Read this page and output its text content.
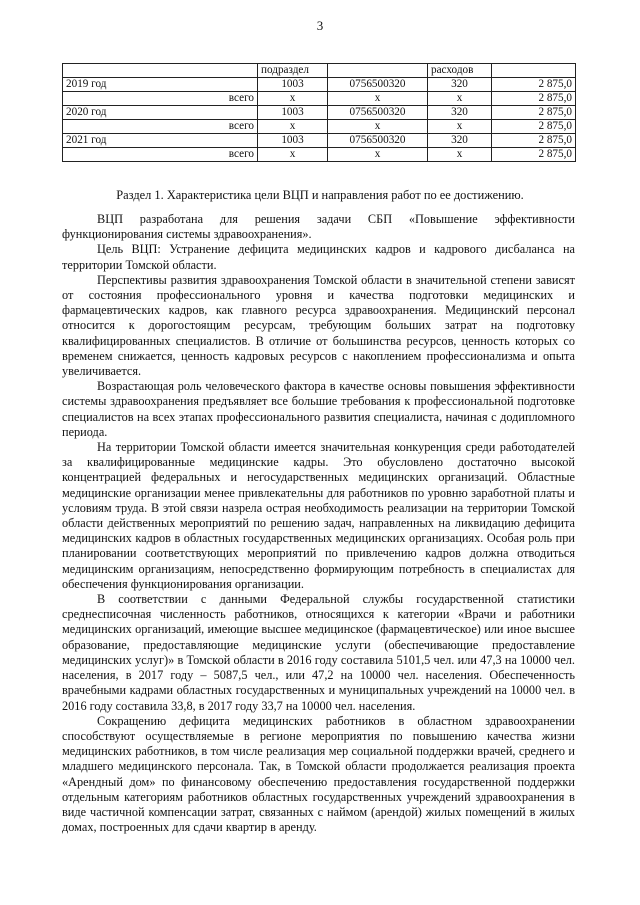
3
	подраздел		расходов	
2019 год	1003	0756500320	320	2 875,0
всего	х	х	х	2 875,0
2020 год	1003	0756500320	320	2 875,0
всего	х	х	х	2 875,0
2021 год	1003	0756500320	320	2 875,0
всего	х	х	х	2 875,0
Раздел 1. Характеристика цели ВЦП и направления работ по ее достижению.

ВЦП разработана для решения задачи СБП «Повышение эффективности функционирования системы здравоохранения».

Цель ВЦП: Устранение дефицита медицинских кадров и кадрового дисбаланса на территории Томской области.

Перспективы развития здравоохранения Томской области в значительной степени зависят от состояния профессионального уровня и качества подготовки медицинских и фармацевтических кадров, как главного ресурса здравоохранения. Медицинский персонал относится к дорогостоящим ресурсам, требующим больших затрат на подготовку квалифицированных специалистов. В отличие от большинства ресурсов, ценность которых со временем снижается, ценность кадровых ресурсов с накоплением профессионализма и опыта увеличивается.

Возрастающая роль человеческого фактора в качестве основы повышения эффективности системы здравоохранения предъявляет все большие требования к профессиональной подготовке специалистов на всех этапах профессионального развития специалиста, начиная с додипломного периода.

На территории Томской области имеется значительная конкуренция среди работодателей за квалифицированные медицинские кадры. Это обусловлено достаточно высокой концентрацией федеральных и негосударственных медицинских организаций. Областные медицинские организации менее привлекательны для работников по уровню заработной платы и условиям труда. В этой связи назрела острая необходимость реализации на территории Томской области действенных мероприятий по решению задач, направленных на ликвидацию дефицита медицинских кадров в областных государственных медицинских организациях. Особая роль при планировании соответствующих мероприятий по привлечению кадров должна отводиться медицинским организациям, непосредственно формирующим потребность в специалистах для обеспечения функционирования организации.

В соответствии с данными Федеральной службы государственной статистики среднесписочная численность работников, относящихся к категории «Врачи и работники медицинских организаций, имеющие высшее медицинское (фармацевтическое) или иное высшее образование, предоставляющие медицинские услуги (обеспечивающие предоставление медицинских услуг)» в Томской области в 2016 году составила 5101,5 чел. или 47,3 на 10000 чел. населения, в 2017 году – 5087,5 чел., или 47,2 на 10000 чел. населения. Обеспеченность врачебными кадрами областных государственных и муниципальных учреждений на 10000 чел. в 2016 году составила 33,8, в 2017 году 33,7 на 10000 чел. населения.

Сокращению дефицита медицинских работников в областном здравоохранении способствуют осуществляемые в регионе мероприятия по повышению качества жизни медицинских работников, в том числе реализация мер социальной поддержки врачей, среднего и младшего медицинского персонала. Так, в Томской области продолжается реализация проекта «Арендный дом» по финансовому обеспечению предоставления государственной поддержки отдельным категориям работников областных государственных учреждений здравоохранения в виде частичной компенсации затрат, связанных с наймом (арендой) жилых помещений в жилых домах, построенных для сдачи квартир в аренду.
